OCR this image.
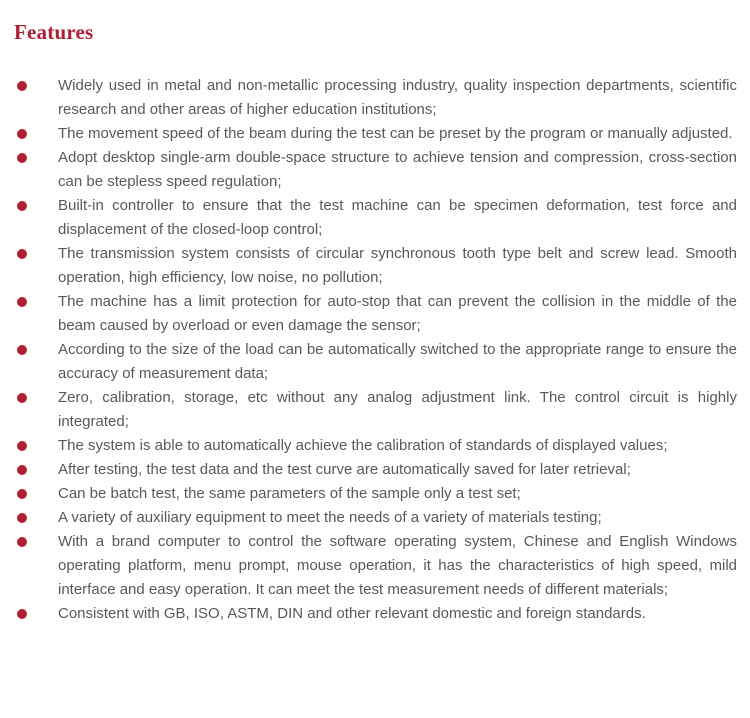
Features
Widely used in metal and non-metallic processing industry, quality inspection departments, scientific research and other areas of higher education institutions;
The movement speed of the beam during the test can be preset by the program or manually adjusted.
Adopt desktop single-arm double-space structure to achieve tension and compression, cross-section can be stepless speed regulation;
Built-in controller to ensure that the test machine can be specimen deformation, test force and displacement of the closed-loop control;
The transmission system consists of circular synchronous tooth type belt and screw lead. Smooth operation, high efficiency, low noise, no pollution;
The machine has a limit protection for auto-stop that can prevent the collision in the middle of the beam caused by overload or even damage the sensor;
According to the size of the load can be automatically switched to the appropriate range to ensure the accuracy of measurement data;
Zero, calibration, storage, etc without any analog adjustment link. The control circuit is highly integrated;
The system is able to automatically achieve the calibration of standards of displayed values;
After testing, the test data and the test curve are automatically saved for later retrieval;
Can be batch test, the same parameters of the sample only a test set;
A variety of auxiliary equipment to meet the needs of a variety of materials testing;
With a brand computer to control the software operating system, Chinese and English Windows operating platform, menu prompt, mouse operation, it has the characteristics of high speed, mild interface and easy operation. It can meet the test measurement needs of different materials;
Consistent with GB, ISO, ASTM, DIN and other relevant domestic and foreign standards.
